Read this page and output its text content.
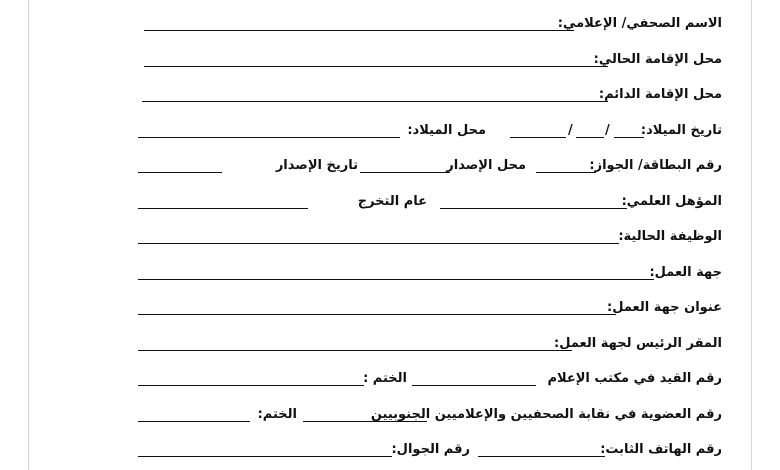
الاسم الصحفي/ الإعلامي:
محل الإقامة الحالي:
محل الإقامة الدائم:
تاريخ الميلاد:
/
/
محل الميلاد:
رقم البطاقة/ الجواز:
محل الإصدار
تاريخ الإصدار
المؤهل العلمي:
عام التخرج
الوظيفة الحالية:
جهة العمل:
عنوان جهة العمل:
المقر الرئيس لجهة العمل:
رقم القيد في مكتب الإعلام
الختم :
رقم العضوية في نقابة الصحفيين والإعلاميين الجنوبيين
الختم:
رقم الهاتف الثابت:
رقم الجوال:
